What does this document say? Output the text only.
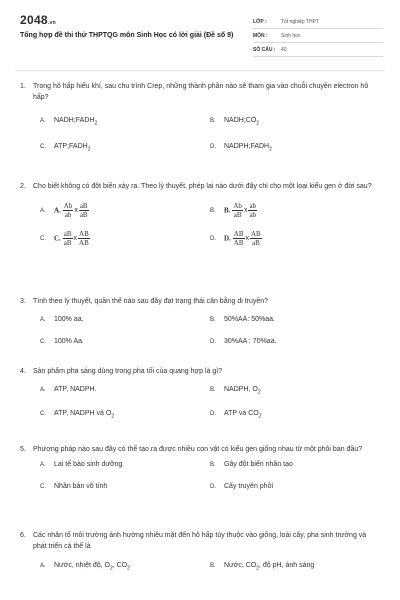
2048.vn
Tổng hợp đề thi thử THPTQG môn Sinh Học có lời giải (Đề số 9)
LỚP :	Tốt nghiệp THPT
MÔN :	Sinh học
SỐ CÂU :	40
1.	Trong hô hấp hiếu khí, sau chu trình Crep, những thành phần nào sẽ tham gia vào chuỗi chuyền electron hô hấp?
A. $NADH;FADH_2$	B. $NADH;CO_2$
C. $ATP;FADH_2$	D. $NADPH;FADH_2$
2.	Cho biết không có đột biến xảy ra. Theo lý thuyết, phép lai nào dưới đây chỉ cho một loại kiểu gen ở đời sau?
A. A. $\frac{Ab}{ab}$ x $\frac{aB}{aB}$	B. B. $\frac{Ab}{aB}$ x $\frac{ab}{ab}$
C. C. $\frac{aB}{aB}$ x $\frac{AB}{AB}$	D. D. $\frac{AB}{AB}$ x $\frac{AB}{aB}$
3.	Tính theo lý thuyết, quần thể nào sau đây đạt trạng thái cân bằng di truyền?
A. 100% aa.	B. 50%AA: 50%aa.
C. 100% Aa.	D. 30%AA : 70%aa.
4.	Sản phẩm pha sáng dùng trong pha tối của quang hợp là gì?
A. ATP, NADPH.	B. NADPH, $O_2$
C. ATP, NADPH và $O_2$	D. ATP và $CO_2$
5.	Phương pháp nào sau đây có thể tạo ra được nhiều con vật có kiểu gen giống nhau từ một phôi ban đầu?
A. Lai tế bào sinh dưỡng	B. Gây đột biến nhân tạo
C. Nhân bản vô tính	D. Cấy truyền phôi
6.	Các nhân tố môi trường ảnh hưởng nhiều mặt đến hô hấp tùy thuộc vào giống, loài cây, pha sinh trưởng và phát triển cá thể là
A. Nước, nhiệt độ, $O_2$, $CO_2$	B. Nước, $CO_2$, độ pH, ánh sáng
